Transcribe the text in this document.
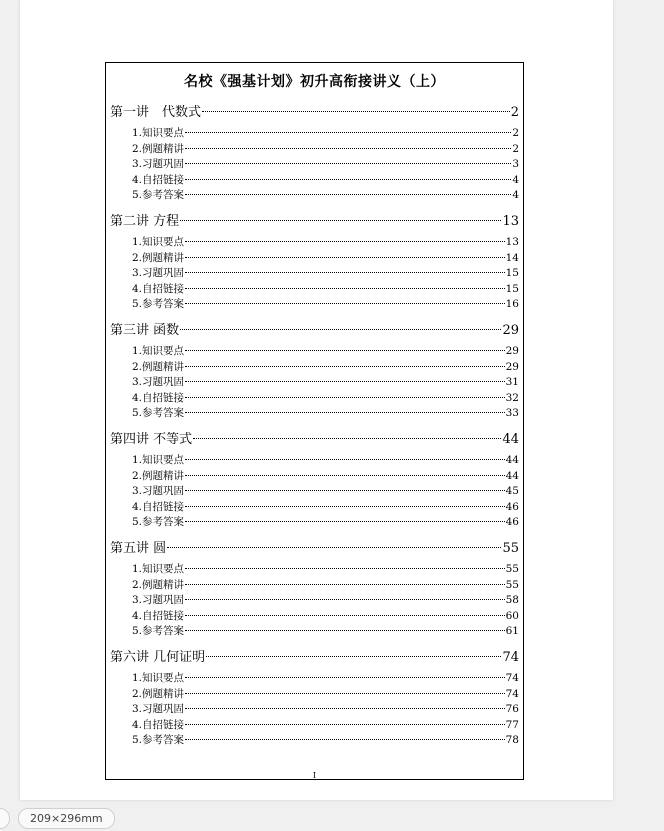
名校《强基计划》初升高衔接讲义（上）
第一讲　代数式	2
1.知识要点	2
2.例题精讲	2
3.习题巩固	3
4.自招链接	4
5.参考答案	4
第二讲 方程	13
1.知识要点	13
2.例题精讲	14
3.习题巩固	15
4.自招链接	15
5.参考答案	16
第三讲 函数	29
1.知识要点	29
2.例题精讲	29
3.习题巩固	31
4.自招链接	32
5.参考答案	33
第四讲 不等式	44
1.知识要点	44
2.例题精讲	44
3.习题巩固	45
4.自招链接	46
5.参考答案	46
第五讲 圆	55
1.知识要点	55
2.例题精讲	55
3.习题巩固	58
4.自招链接	60
5.参考答案	61
第六讲 几何证明	74
1.知识要点	74
2.例题精讲	74
3.习题巩固	76
4.自招链接	77
5.参考答案	78
I
209×296mm
